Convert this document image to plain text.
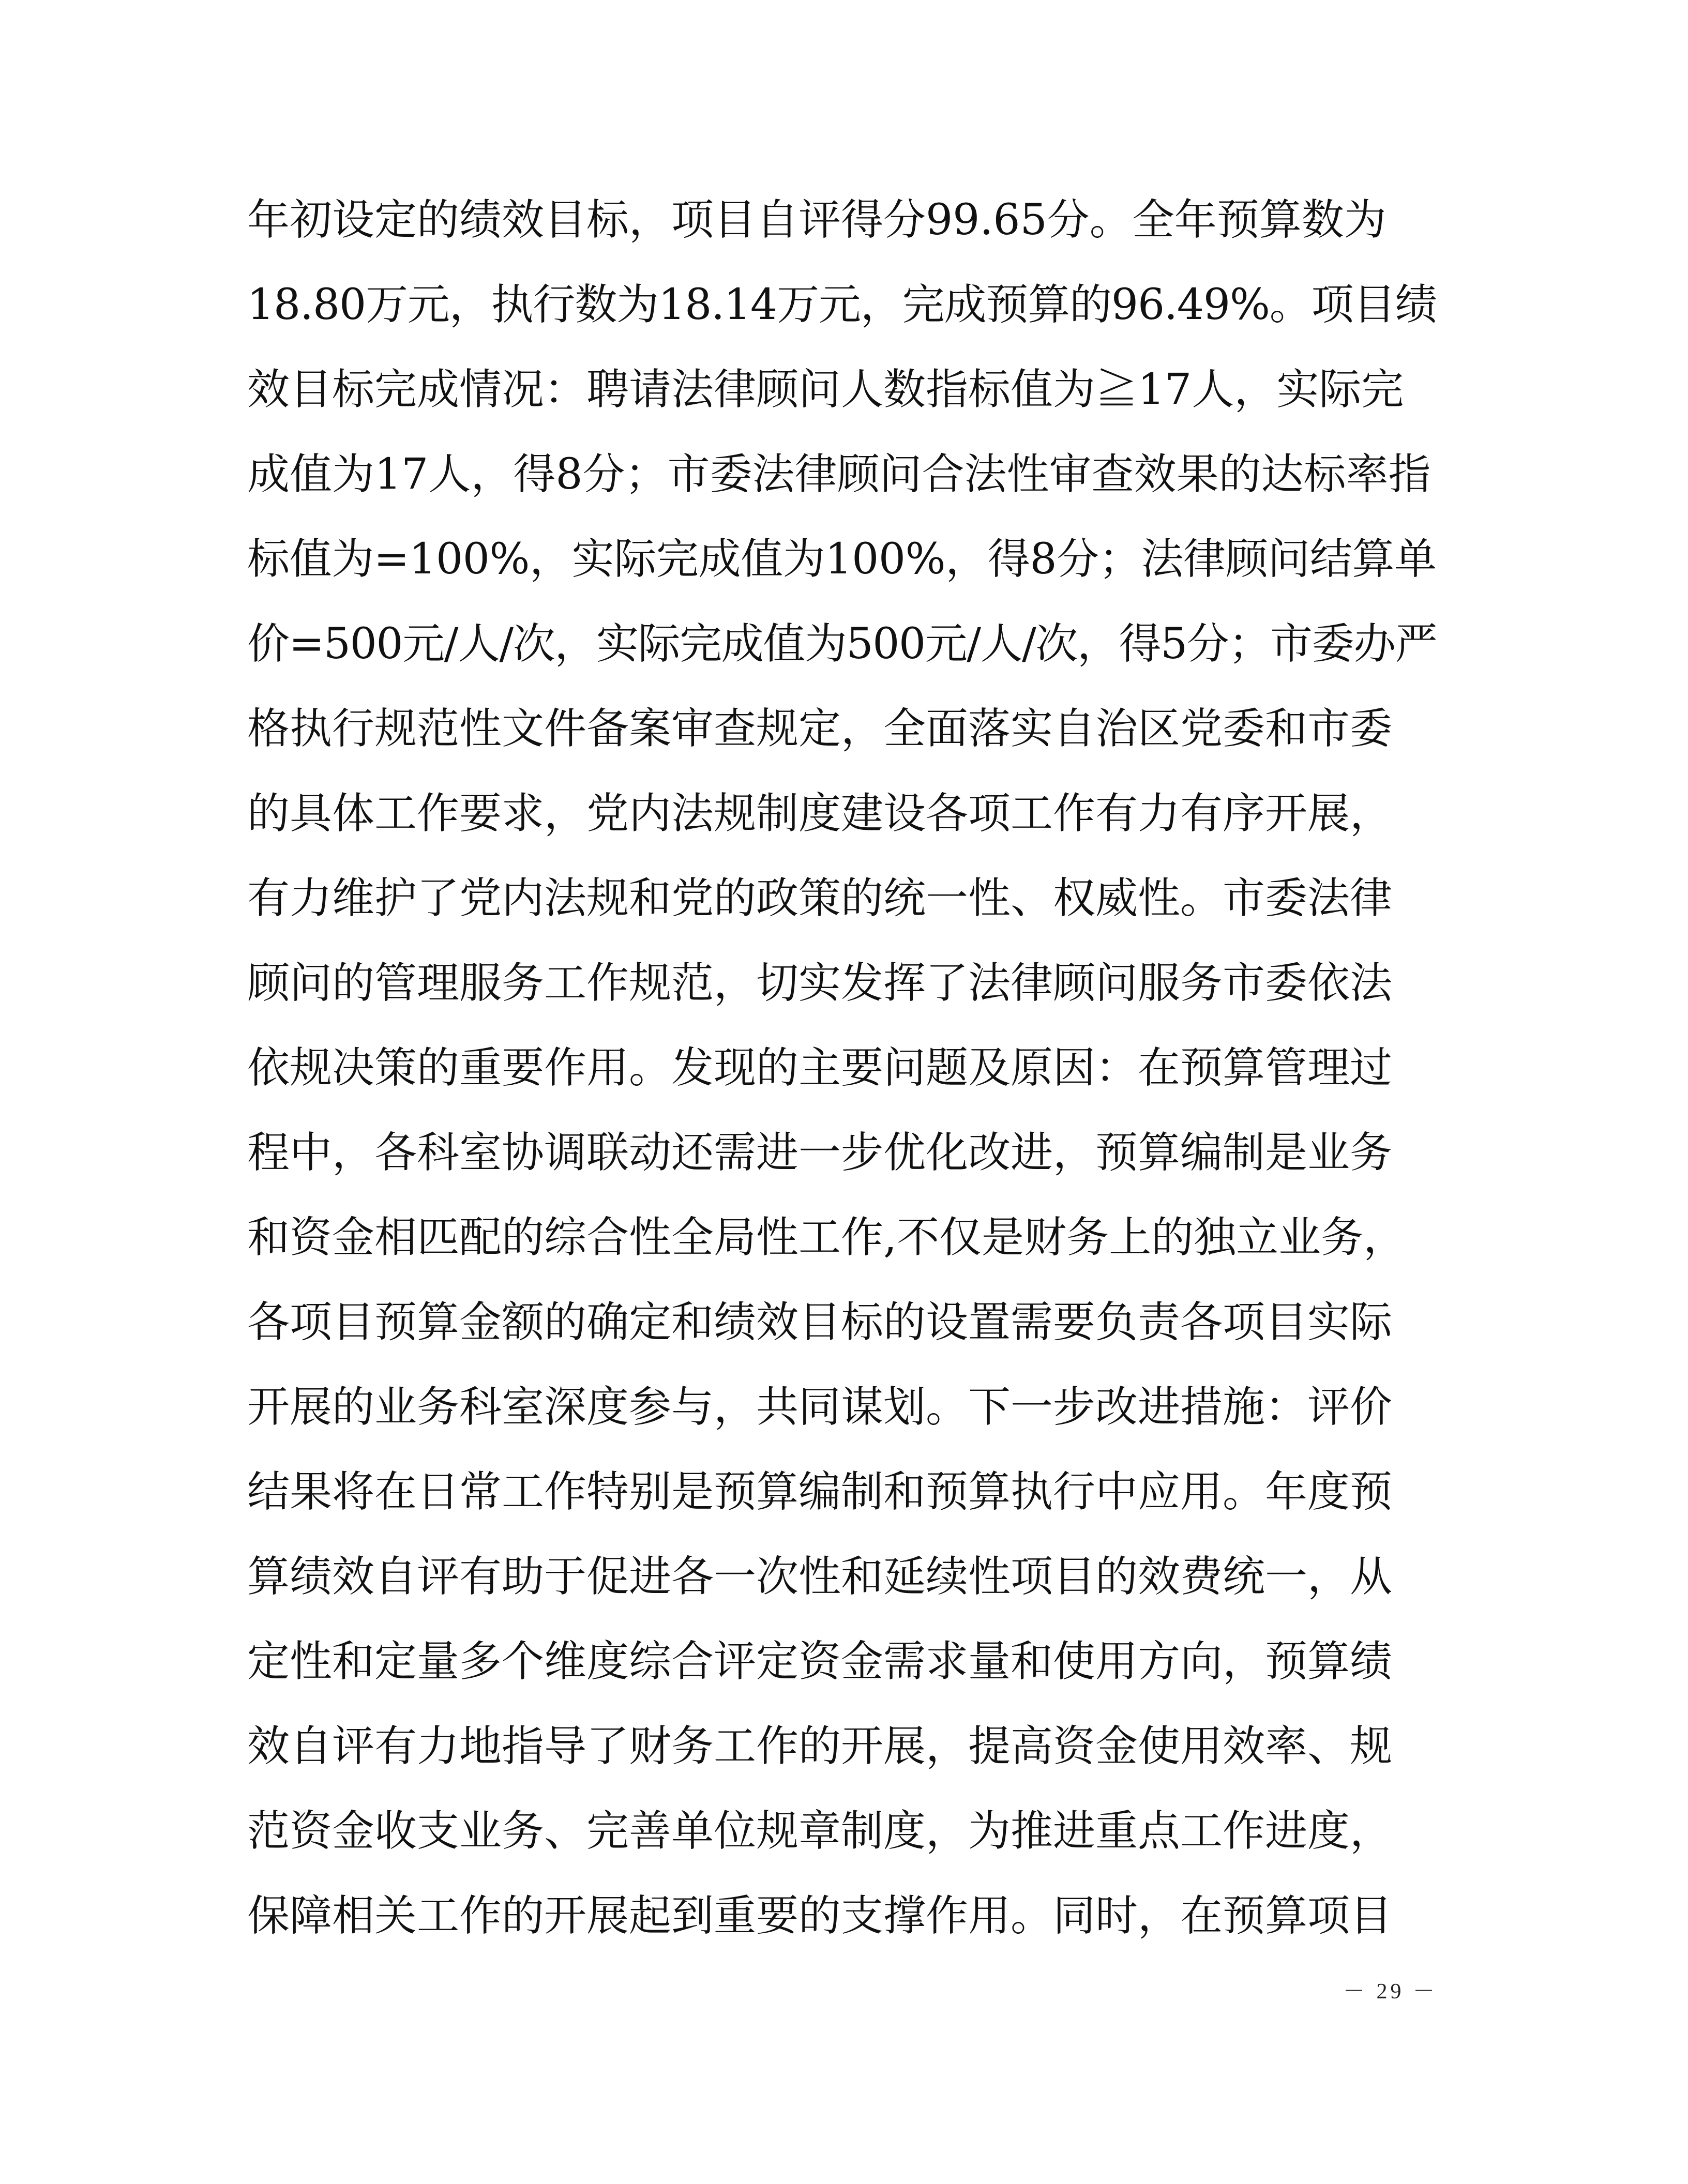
年初设定的绩效目标，项目自评得分99.65分。全年预算数为
18.80万元，执行数为18.14万元，完成预算的96.49%。项目绩
效目标完成情况：聘请法律顾问人数指标值为≧17人，实际完
成值为17人，得8分；市委法律顾问合法性审查效果的达标率指
标值为=100%，实际完成值为100%，得8分；法律顾问结算单
价=500元/人/次，实际完成值为500元/人/次，得5分；市委办严
格执行规范性文件备案审查规定，全面落实自治区党委和市委
的具体工作要求，党内法规制度建设各项工作有力有序开展，
有力维护了党内法规和党的政策的统一性、权威性。市委法律
顾问的管理服务工作规范，切实发挥了法律顾问服务市委依法
依规决策的重要作用。发现的主要问题及原因：在预算管理过
程中，各科室协调联动还需进一步优化改进，预算编制是业务
和资金相匹配的综合性全局性工作,不仅是财务上的独立业务，
各项目预算金额的确定和绩效目标的设置需要负责各项目实际
开展的业务科室深度参与，共同谋划。下一步改进措施：评价
结果将在日常工作特别是预算编制和预算执行中应用。年度预
算绩效自评有助于促进各一次性和延续性项目的效费统一，从
定性和定量多个维度综合评定资金需求量和使用方向，预算绩
效自评有力地指导了财务工作的开展，提高资金使用效率、规
范资金收支业务、完善单位规章制度，为推进重点工作进度，
保障相关工作的开展起到重要的支撑作用。同时，在预算项目
－ 29 －
